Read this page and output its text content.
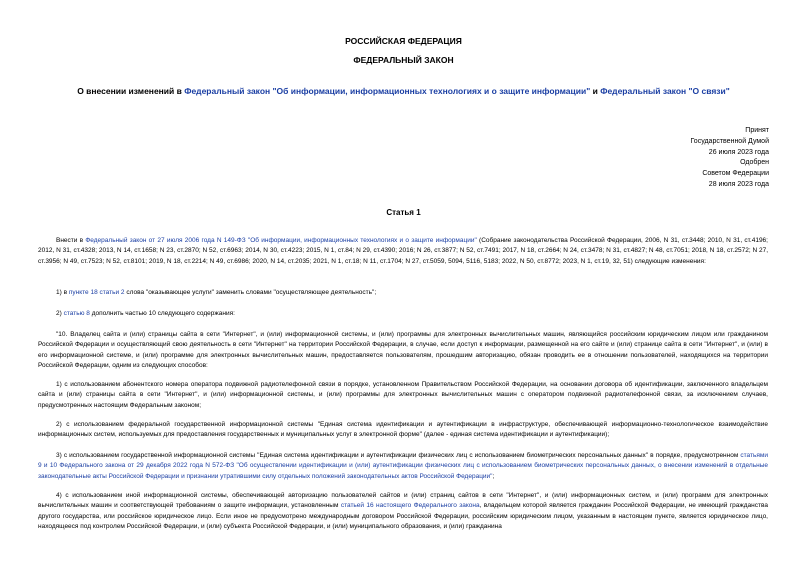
РОССИЙСКАЯ ФЕДЕРАЦИЯ
ФЕДЕРАЛЬНЫЙ ЗАКОН
О внесении изменений в Федеральный закон "Об информации, информационных технологиях и о защите информации" и Федеральный закон "О связи"
Принят
Государственной Думой
26 июля 2023 года
Одобрен
Советом Федерации
28 июля 2023 года
Статья 1
Внести в Федеральный закон от 27 июля 2006 года N 149-ФЗ "Об информации, информационных технологиях и о защите информации" (Собрание законодательства Российской Федерации, 2006, N 31, ст.3448; 2010, N 31, ст.4196; 2012, N 31, ст.4328; 2013, N 14, ст.1658; N 23, ст.2870; N 52, ст.6963; 2014, N 30, ст.4223; 2015, N 1, ст.84; N 29, ст.4390; 2016; N 26, ст.3877; N 52, ст.7491; 2017, N 18, ст.2664; N 24, ст.3478; N 31, ст.4827; N 48, ст.7051; 2018, N 18, ст.2572; N 27, ст.3956; N 49, ст.7523; N 52, ст.8101; 2019, N 18, ст.2214; N 49, ст.6986; 2020, N 14, ст.2035; 2021, N 1, ст.18; N 11, ст.1704; N 27, ст.5059, 5094, 5116, 5183; 2022, N 50, ст.8772; 2023, N 1, ст.19, 32, 51) следующие изменения:
1) в пункте 18 статьи 2 слова "оказывающее услуги" заменить словами "осуществляющее деятельность";
2) статью 8 дополнить частью 10 следующего содержания:
"10. Владелец сайта и (или) страницы сайта в сети "Интернет", и (или) информационной системы, и (или) программы для электронных вычислительных машин, являющийся российским юридическим лицом или гражданином Российской Федерации и осуществляющий свою деятельность в сети "Интернет" на территории Российской Федерации, в случае, если доступ к информации, размещенной на его сайте и (или) странице сайта в сети "Интернет", и (или) в его информационной системе, и (или) программе для электронных вычислительных машин, предоставляется пользователям, прошедшим авторизацию, обязан проводить ее в отношении пользователей, находящихся на территории Российской Федерации, одним из следующих способов:
1) с использованием абонентского номера оператора подвижной радиотелефонной связи в порядке, установленном Правительством Российской Федерации, на основании договора об идентификации, заключенного владельцем сайта и (или) страницы сайта в сети "Интернет", и (или) информационной системы, и (или) программы для электронных вычислительных машин с оператором подвижной радиотелефонной связи, за исключением случаев, предусмотренных настоящим Федеральным законом;
2) с использованием федеральной государственной информационной системы "Единая система идентификации и аутентификации в инфраструктуре, обеспечивающей информационно-технологическое взаимодействие информационных систем, используемых для предоставления государственных и муниципальных услуг в электронной форме" (далее - единая система идентификации и аутентификации);
3) с использованием государственной информационной системы "Единая система идентификации и аутентификации физических лиц с использованием биометрических персональных данных" в порядке, предусмотренном статьями 9 и 10 Федерального закона от 29 декабря 2022 года N 572-ФЗ "Об осуществлении идентификации и (или) аутентификации физических лиц с использованием биометрических персональных данных, о внесении изменений в отдельные законодательные акты Российской Федерации и признании утратившими силу отдельных положений законодательных актов Российской Федерации";
4) с использованием иной информационной системы, обеспечивающей авторизацию пользователей сайтов и (или) страниц сайтов в сети "Интернет", и (или) информационных систем, и (или) программ для электронных вычислительных машин и соответствующей требованиям о защите информации, установленным статьей 16 настоящего Федерального закона, владельцем которой является гражданин Российской Федерации, не имеющий гражданства другого государства, или российское юридическое лицо. Если иное не предусмотрено международным договором Российской Федерации, российским юридическим лицом, указанным в настоящем пункте, является юридическое лицо, находящееся под контролем Российской Федерации, и (или) субъекта Российской Федерации, и (или) муниципального образования, и (или) гражданина
